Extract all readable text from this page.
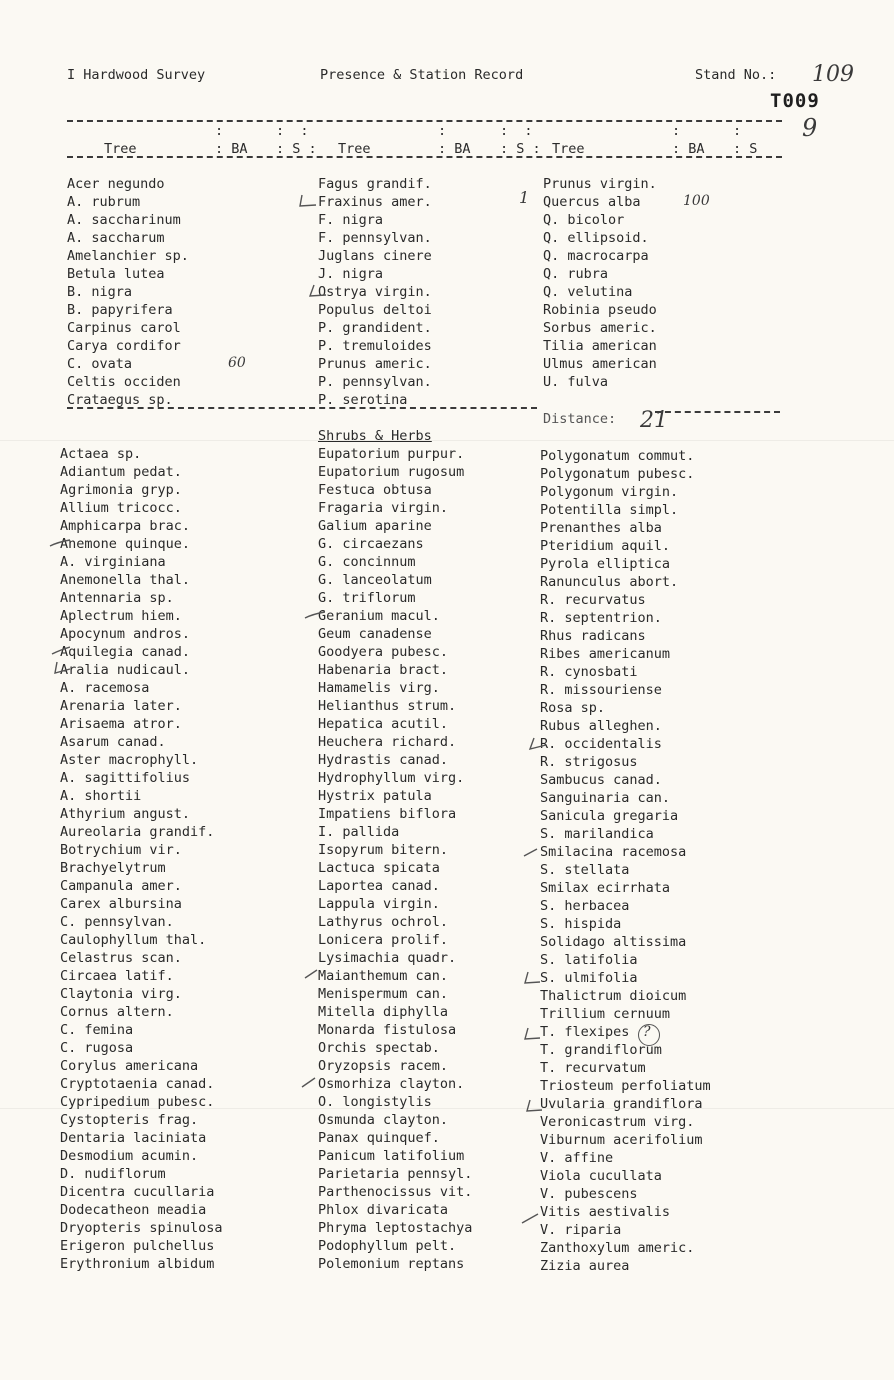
I Hardwood Survey	Presence & Station Record	Stand No.: 109
T009
9
:	:  :	:	:  :	:	:
Tree	: BA : S : Tree	: BA : S : Tree	: BA : S
Acer negundo
A. rubrum
A. saccharinum
A. saccharum
Amelanchier sp.
Betula lutea
B. nigra
B. papyrifera
Carpinus carol
Carya cordifor
C. ovata
Celtis occiden
Crataegus sp.
Fagus grandif.
Fraxinus amer.
F. nigra
F. pennsylvan.
Juglans cinere
J. nigra
Ostrya virgin.
Populus deltoi
P. grandident.
P. tremuloides
Prunus americ.
P. pennsylvan.
P. serotina
Prunus virgin.
Quercus alba
Q. bicolor
Q. ellipsoid.
Q. macrocarpa
Q. rubra
Q. velutina
Robinia pseudo
Sorbus americ.
Tilia american
Ulmus american
U. fulva
60
1	100
Distance: 21
Shrubs & Herbs
Actaea sp.
Adiantum pedat.
Agrimonia gryp.
Allium tricocc.
Amphicarpa brac.
Anemone quinque.
A. virginiana
Anemonella thal.
Antennaria sp.
Aplectrum hiem.
Apocynum andros.
Aquilegia canad.
Aralia nudicaul.
A. racemosa
Arenaria later.
Arisaema atror.
Asarum canad.
Aster macrophyll.
A. sagittifolius
A. shortii
Athyrium angust.
Aureolaria grandif.
Botrychium vir.
Brachyelytrum
Campanula amer.
Carex albursina
C. pennsylvan.
Caulophyllum thal.
Celastrus scan.
Circaea latif.
Claytonia virg.
Cornus altern.
C. femina
C. rugosa
Corylus americana
Cryptotaenia canad.
Cypripedium pubesc.
Cystopteris frag.
Dentaria laciniata
Desmodium acumin.
D. nudiflorum
Dicentra cucullaria
Dodecatheon meadia
Dryopteris spinulosa
Erigeron pulchellus
Erythronium albidum
Eupatorium purpur.
Eupatorium rugosum
Festuca obtusa
Fragaria virgin.
Galium aparine
G. circaezans
G. concinnum
G. lanceolatum
G. triflorum
Geranium macul.
Geum canadense
Goodyera pubesc.
Habenaria bract.
Hamamelis virg.
Helianthus strum.
Hepatica acutil.
Heuchera richard.
Hydrastis canad.
Hydrophyllum virg.
Hystrix patula
Impatiens biflora
I. pallida
Isopyrum bitern.
Lactuca spicata
Laportea canad.
Lappula virgin.
Lathyrus ochrol.
Lonicera prolif.
Lysimachia quadr.
Maianthemum can.
Menispermum can.
Mitella diphylla
Monarda fistulosa
Orchis spectab.
Oryzopsis racem.
Osmorhiza clayton.
O. longistylis
Osmunda clayton.
Panax quinquef.
Panicum latifolium
Parietaria pennsyl.
Parthenocissus vit.
Phlox divaricata
Phryma leptostachya
Podophyllum pelt.
Polemonium reptans
Polygonatum commut.
Polygonatum pubesc.
Polygonum virgin.
Potentilla simpl.
Prenanthes alba
Pteridium aquil.
Pyrola elliptica
Ranunculus abort.
R. recurvatus
R. septentrion.
Rhus radicans
Ribes americanum
R. cynosbati
R. missouriense
Rosa sp.
Rubus alleghen.
R. occidentalis
R. strigosus
Sambucus canad.
Sanguinaria can.
Sanicula gregaria
S. marilandica
Smilacina racemosa
S. stellata
Smilax ecirrhata
S. herbacea
S. hispida
Solidago altissima
S. latifolia
S. ulmifolia
Thalictrum dioicum
Trillium cernuum
T. flexipes
T. grandiflorum
T. recurvatum
Triosteum perfoliatum
Uvularia grandiflora
Veronicastrum virg.
Viburnum acerifolium
V. affine
Viola cucullata
V. pubescens
Vitis aestivalis
V. riparia
Zanthoxylum americ.
Zizia aurea
?
